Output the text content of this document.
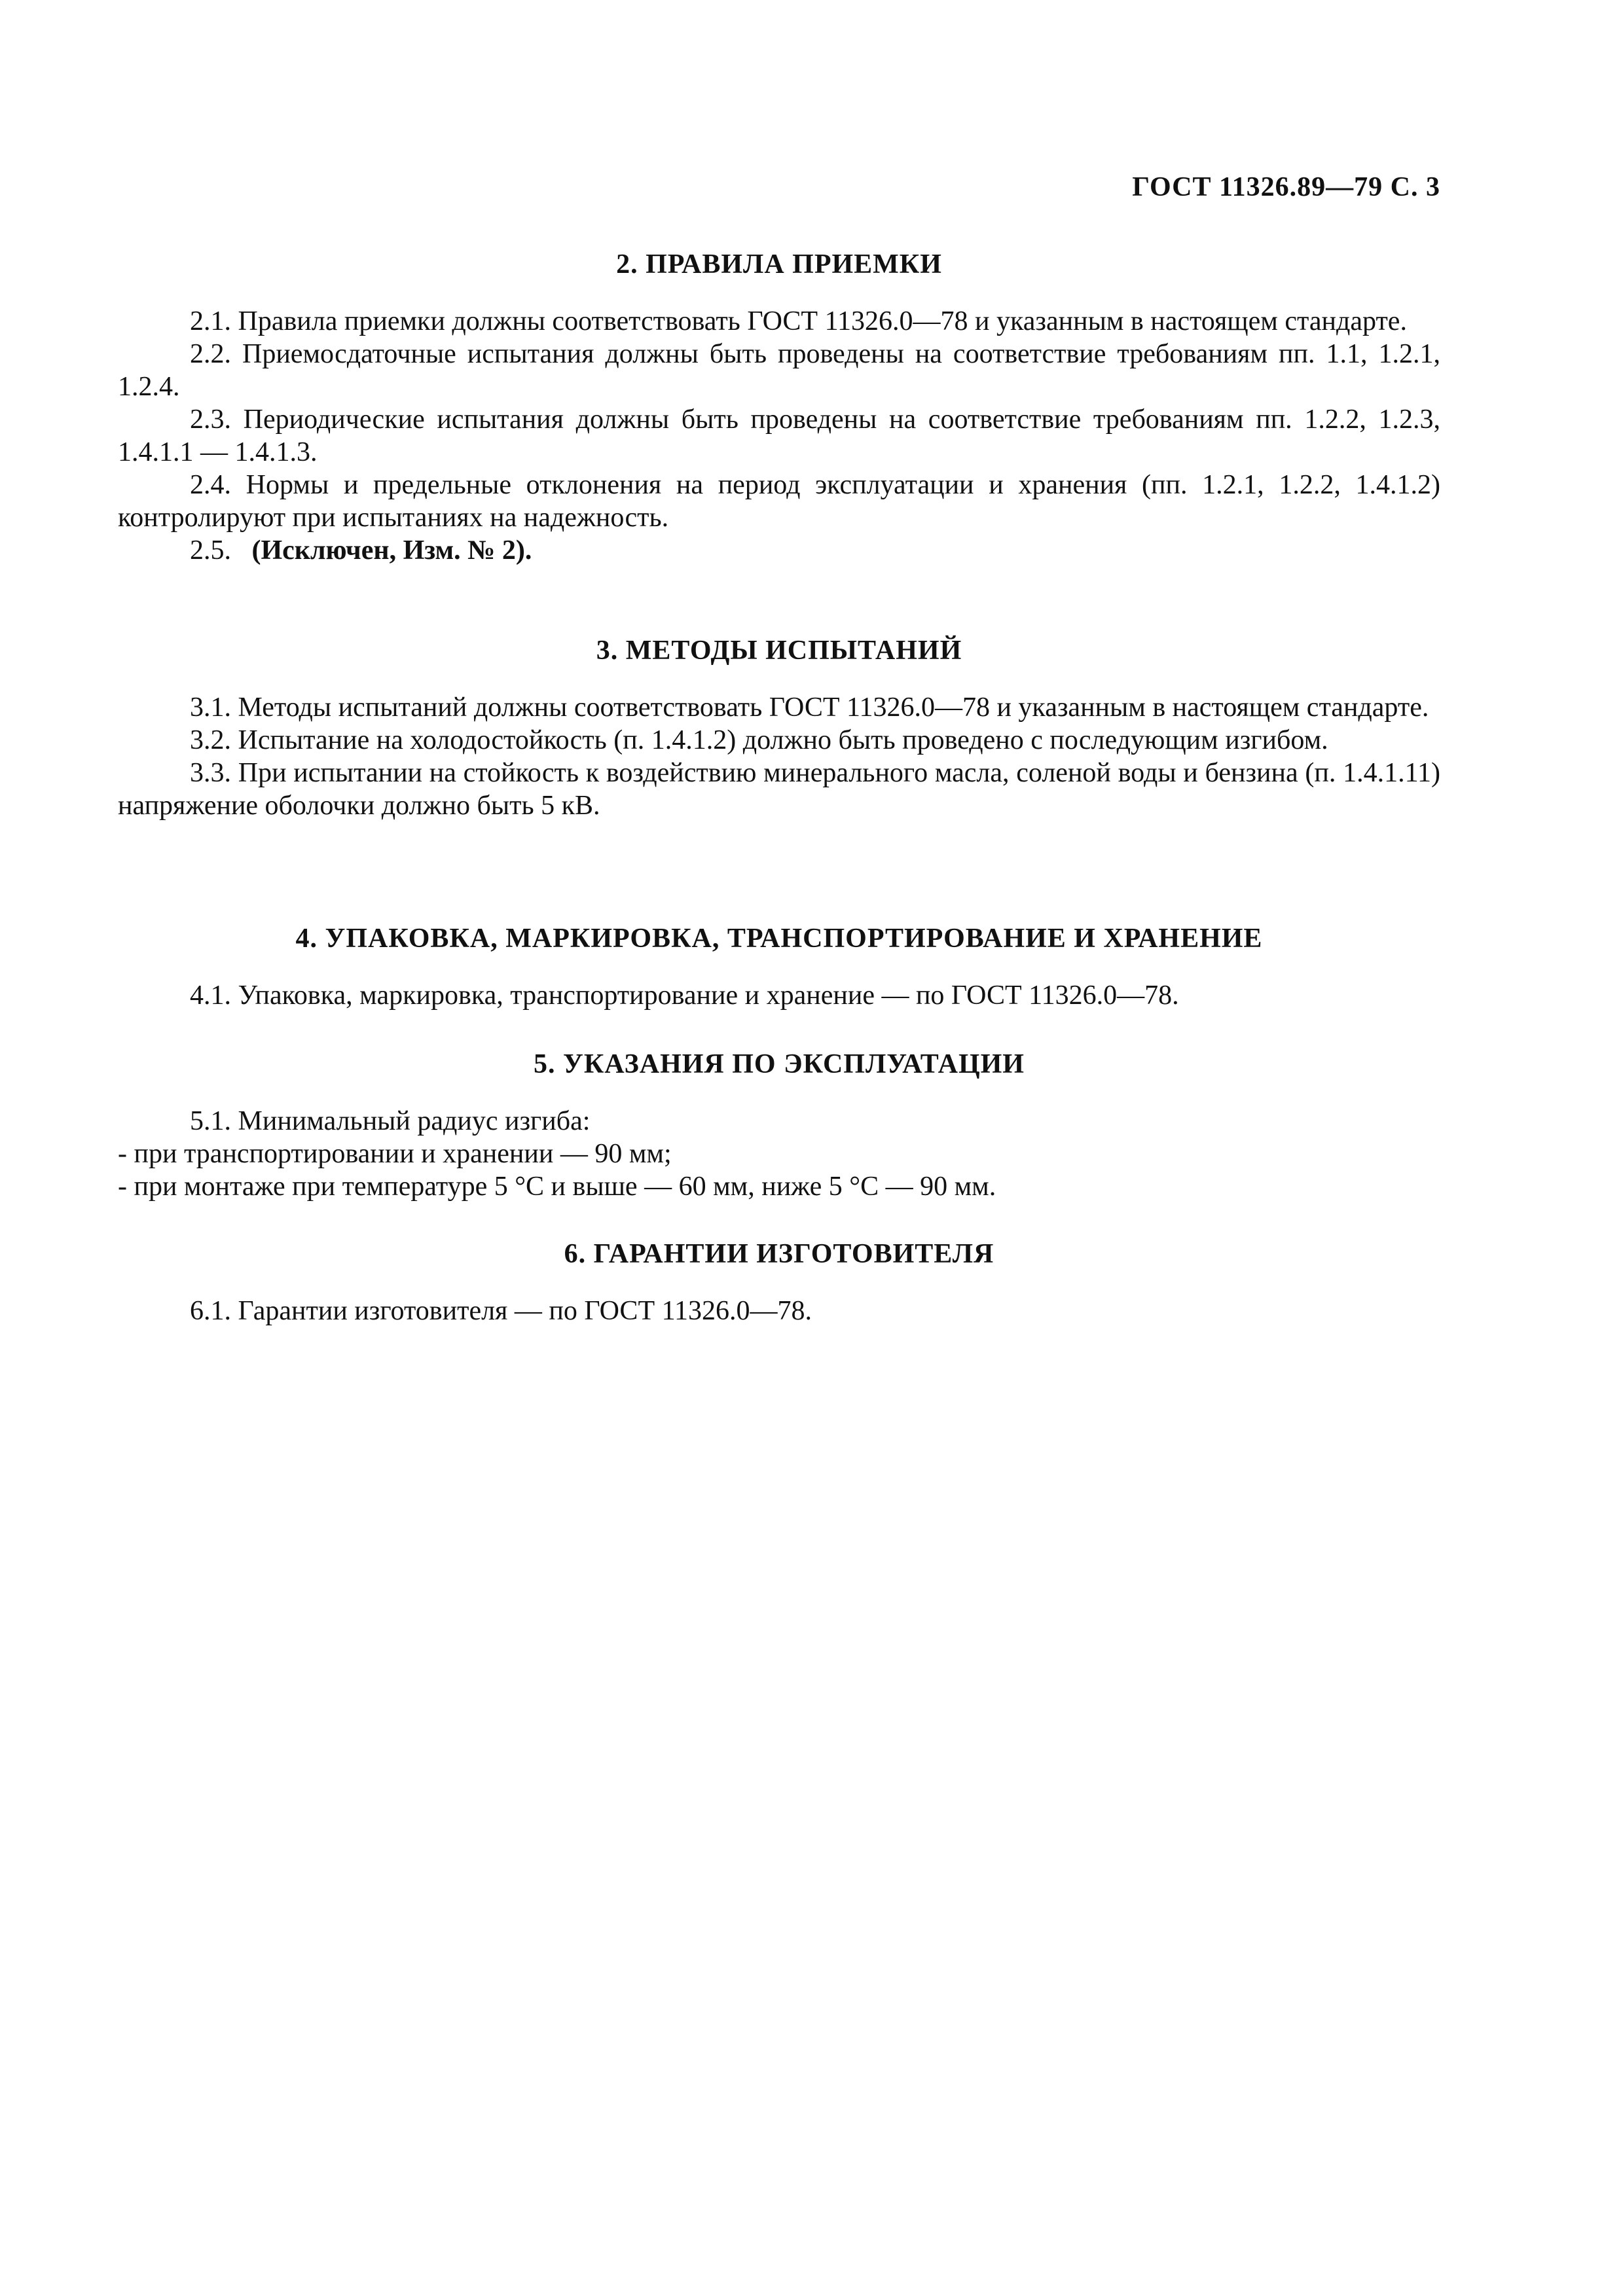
ГОСТ 11326.89—79 С. 3
2. ПРАВИЛА ПРИЕМКИ

2.1. Правила приемки должны соответствовать ГОСТ 11326.0—78 и указанным в настоящем стандарте.

2.2. Приемосдаточные испытания должны быть проведены на соответствие требованиям пп. 1.1, 1.2.1, 1.2.4.

2.3. Периодические испытания должны быть проведены на соответствие требованиям пп. 1.2.2, 1.2.3, 1.4.1.1 — 1.4.1.3.

2.4. Нормы и предельные отклонения на период эксплуатации и хранения (пп. 1.2.1, 1.2.2, 1.4.1.2) контролируют при испытаниях на надежность.

2.5. (Исключен, Изм. № 2).

3. МЕТОДЫ ИСПЫТАНИЙ

3.1. Методы испытаний должны соответствовать ГОСТ 11326.0—78 и указанным в настоящем стандарте.

3.2. Испытание на холодостойкость (п. 1.4.1.2) должно быть проведено с последующим изгибом.

3.3. При испытании на стойкость к воздействию минерального масла, соленой воды и бензина (п. 1.4.1.11) напряжение оболочки должно быть 5 кВ.

4. УПАКОВКА, МАРКИРОВКА, ТРАНСПОРТИРОВАНИЕ И ХРАНЕНИЕ

4.1. Упаковка, маркировка, транспортирование и хранение — по ГОСТ 11326.0—78.

5. УКАЗАНИЯ ПО ЭКСПЛУАТАЦИИ

5.1. Минимальный радиус изгиба:

- при транспортировании и хранении — 90 мм;

- при монтаже при температуре 5 °С и выше — 60 мм, ниже 5 °С — 90 мм.

6. ГАРАНТИИ ИЗГОТОВИТЕЛЯ

6.1. Гарантии изготовителя — по ГОСТ 11326.0—78.
